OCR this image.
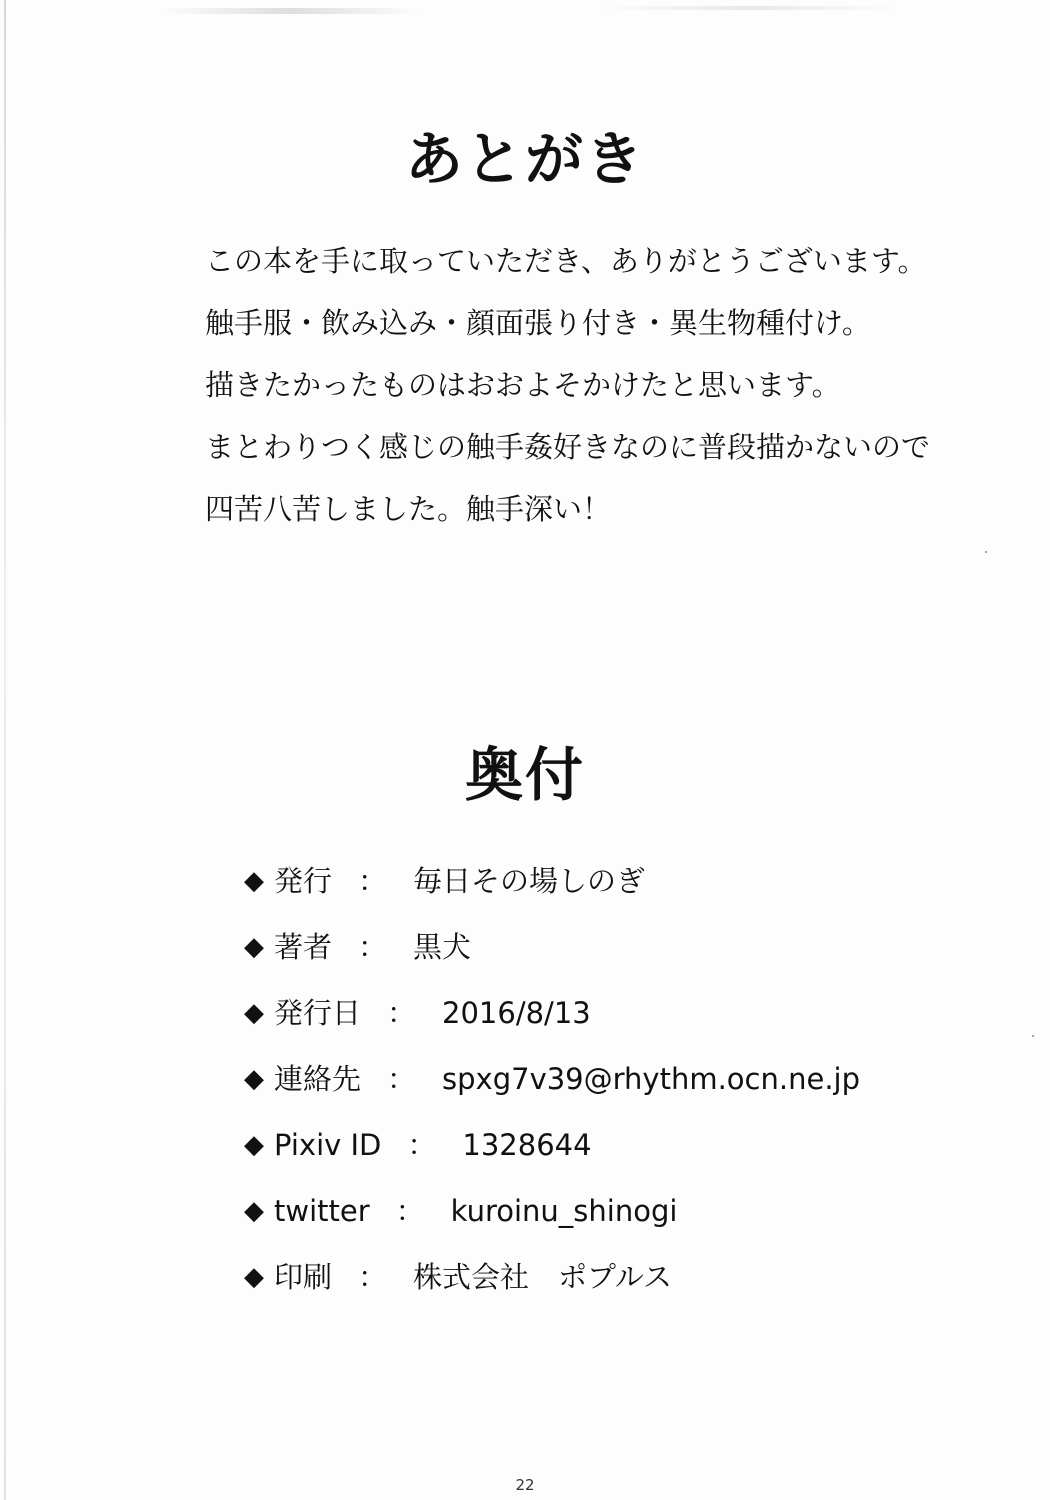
あとがき
この本を手に取っていただき、ありがとうございます。
触手服・飲み込み・顔面張り付き・異生物種付け。
描きたかったものはおおよそかけたと思います。
まとわりつく感じの触手姦好きなのに普段描かないので
四苦八苦しました。触手深い！
奥付
◆ 発行 ： 毎日その場しのぎ
◆ 著者 ： 黒犬
◆ 発行日 ： 2016/8/13
◆ 連絡先 ： spxg7v39@rhythm.ocn.ne.jp
◆ Pixiv ID ： 1328644
◆ twitter ： kuroinu_shinogi
◆ 印刷 ： 株式会社　ポプルス
22
